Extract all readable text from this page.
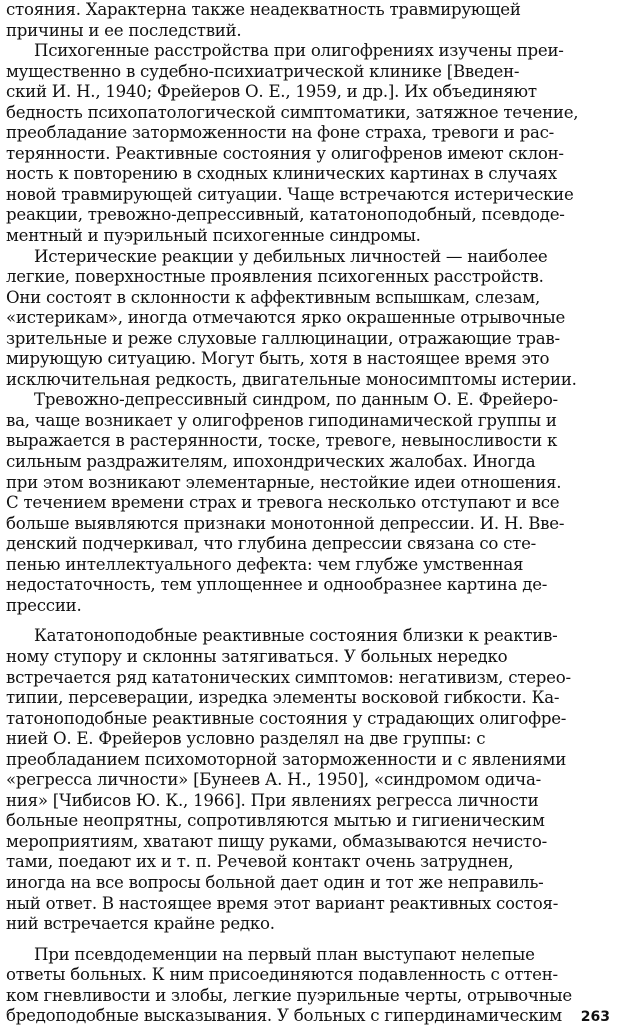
стояния. Характерна также неадекватность травмирующей
причины и ее последствий.

Психогенные расстройства при олигофрениях изучены преи-
мущественно в судебно-психиатрической клинике [Введен-
ский И. Н., 1940; Фрейеров О. Е., 1959, и др.]. Их объединяют
бедность психопатологической симптоматики, затяжное течение,
преобладание заторможенности на фоне страха, тревоги и рас-
терянности. Реактивные состояния у олигофренов имеют склон-
ность к повторению в сходных клинических картинах в случаях
новой травмирующей ситуации. Чаще встречаются истерические
реакции, тревожно-депрессивный, кататоноподобный, псевдоде-
ментный и пуэрильный психогенные синдромы.

Истерические реакции у дебильных личностей — наиболее
легкие, поверхностные проявления психогенных расстройств.
Они состоят в склонности к аффективным вспышкам, слезам,
«истерикам», иногда отмечаются ярко окрашенные отрывочные
зрительные и реже слуховые галлюцинации, отражающие трав-
мирующую ситуацию. Могут быть, хотя в настоящее время это
исключительная редкость, двигательные моносимптомы истерии.

Тревожно-депрессивный синдром, по данным О. Е. Фрейеро-
ва, чаще возникает у олигофренов гиподинамической группы и
выражается в растерянности, тоске, тревоге, невыносливости к
сильным раздражителям, ипохондрических жалобах. Иногда
при этом возникают элементарные, нестойкие идеи отношения.
С течением времени страх и тревога несколько отступают и все
больше выявляются признаки монотонной депрессии. И. Н. Вве-
денский подчеркивал, что глубина депрессии связана со сте-
пенью интеллектуального дефекта: чем глубже умственная
недостаточность, тем уплощеннее и однообразнее картина де-
прессии.

Кататоноподобные реактивные состояния близки к реактив-
ному ступору и склонны затягиваться. У больных нередко
встречается ряд кататонических симптомов: негативизм, стерео-
типии, персеверации, изредка элементы восковой гибкости. Ка-
татоноподобные реактивные состояния у страдающих олигофре-
нией О. Е. Фрейеров условно разделял на две группы: с
преобладанием психомоторной заторможенности и с явлениями
«регресса личности» [Бунеев А. Н., 1950], «синдромом одича-
ния» [Чибисов Ю. К., 1966]. При явлениях регресса личности
больные неопрятны, сопротивляются мытью и гигиеническим
мероприятиям, хватают пищу руками, обмазываются нечисто-
тами, поедают их и т. п. Речевой контакт очень затруднен,
иногда на все вопросы больной дает один и тот же неправиль-
ный ответ. В настоящее время этот вариант реактивных состоя-
ний встречается крайне редко.

При псевдодеменции на первый план выступают нелепые
ответы больных. К ним присоединяются подавленность с оттен-
ком гневливости и злобы, легкие пуэрильные черты, отрывочные
бредоподобные высказывания. У больных с гипердинамическим	263
